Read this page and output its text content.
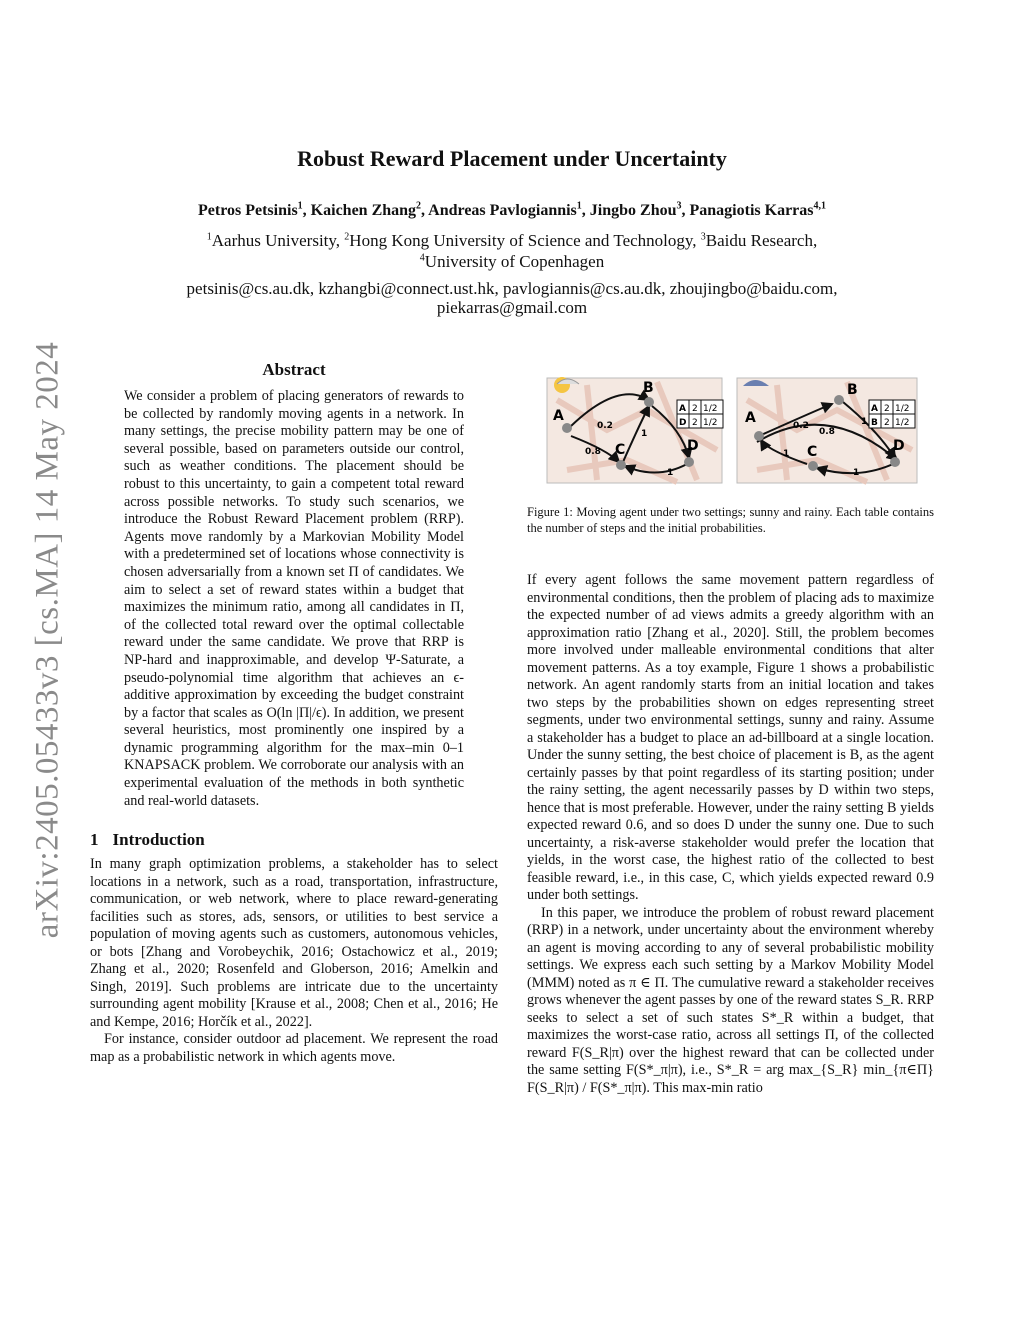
arXiv:2405.05433v3 [cs.MA] 14 May 2024
Robust Reward Placement under Uncertainty
Petros Petsinis$^1$, Kaichen Zhang$^2$, Andreas Pavlogiannis$^1$, Jingbo Zhou$^3$, Panagiotis Karras$^{4,1}$
$^1$Aarhus University, $^2$Hong Kong University of Science and Technology, $^3$Baidu Research,
$^4$University of Copenhagen
petsinis@cs.au.dk, kzhangbi@connect.ust.hk, pavlogiannis@cs.au.dk, zhoujingbo@baidu.com,
piekarras@gmail.com
Abstract

We consider a problem of placing generators of rewards to be collected by randomly moving agents in a network. In many settings, the precise mobility pattern may be one of several possible, based on parameters outside our control, such as weather conditions. The placement should be robust to this uncertainty, to gain a competent total reward across possible networks. To study such scenarios, we introduce the Robust Reward Placement problem (RRP). Agents move randomly by a Markovian Mobility Model with a predetermined set of locations whose connectivity is chosen adversarially from a known set Π of candidates. We aim to select a set of reward states within a budget that maximizes the minimum ratio, among all candidates in Π, of the collected total reward over the optimal collectable reward under the same candidate. We prove that RRP is NP-hard and inapproximable, and develop Ψ-Saturate, a pseudo-polynomial time algorithm that achieves an ϵ-additive approximation by exceeding the budget constraint by a factor that scales as O(ln |Π|/ϵ). In addition, we present several heuristics, most prominently one inspired by a dynamic programming algorithm for the max–min 0–1 KNAPSACK problem. We corroborate our analysis with an experimental evaluation of the methods in both synthetic and real-world datasets.

1 Introduction

In many graph optimization problems, a stakeholder has to select locations in a network, such as a road, transportation, infrastructure, communication, or web network, where to place reward-generating facilities such as stores, ads, sensors, or utilities to best service a population of moving agents such as customers, autonomous vehicles, or bots [Zhang and Vorobeychik, 2016; Ostachowicz et al., 2019; Zhang et al., 2020; Rosenfeld and Globerson, 2016; Amelkin and Singh, 2019]. Such problems are intricate due to the uncertainty surrounding agent mobility [Krause et al., 2008; Chen et al., 2016; He and Kempe, 2016; Horčík et al., 2022].

For instance, consider outdoor ad placement. We represent the road map as a probabilistic network in which agents move.

A
B
C	D
0.2
0.8
1
1
A 2 1/2
D 2 1/2 A
B
C	D
0.2
0.8
1
1
1
A 2 1/2
B 2 1/2

Figure 1: Moving agent under two settings; sunny and rainy. Each table contains the number of steps and the initial probabilities.

If every agent follows the same movement pattern regardless of environmental conditions, then the problem of placing ads to maximize the expected number of ad views admits a greedy algorithm with an approximation ratio [Zhang et al., 2020]. Still, the problem becomes more involved under malleable environmental conditions that alter movement patterns. As a toy example, Figure 1 shows a probabilistic network. An agent randomly starts from an initial location and takes two steps by the probabilities shown on edges representing street segments, under two environmental settings, sunny and rainy. Assume a stakeholder has a budget to place an ad-billboard at a single location. Under the sunny setting, the best choice of placement is B, as the agent certainly passes by that point regardless of its starting position; under the rainy setting, the agent necessarily passes by D within two steps, hence that is most preferable. However, under the rainy setting B yields expected reward 0.6, and so does D under the sunny one. Due to such uncertainty, a risk-averse stakeholder would prefer the location that yields, in the worst case, the highest ratio of the collected to best feasible reward, i.e., in this case, C, which yields expected reward 0.9 under both settings.

In this paper, we introduce the problem of robust reward placement (RRP) in a network, under uncertainty about the environment whereby an agent is moving according to any of several probabilistic mobility settings. We express each such setting by a Markov Mobility Model (MMM) noted as π ∈ Π. The cumulative reward a stakeholder receives grows whenever the agent passes by one of the reward states S_R. RRP seeks to select a set of such states S*_R within a budget, that maximizes the worst-case ratio, across all settings Π, of the collected reward F(S_R|π) over the highest reward that can be collected under the same setting F(S*_π|π), i.e., S*_R = arg max_{S_R} min_{π∈Π} F(S_R|π) / F(S*_π|π). This max-min ratio
